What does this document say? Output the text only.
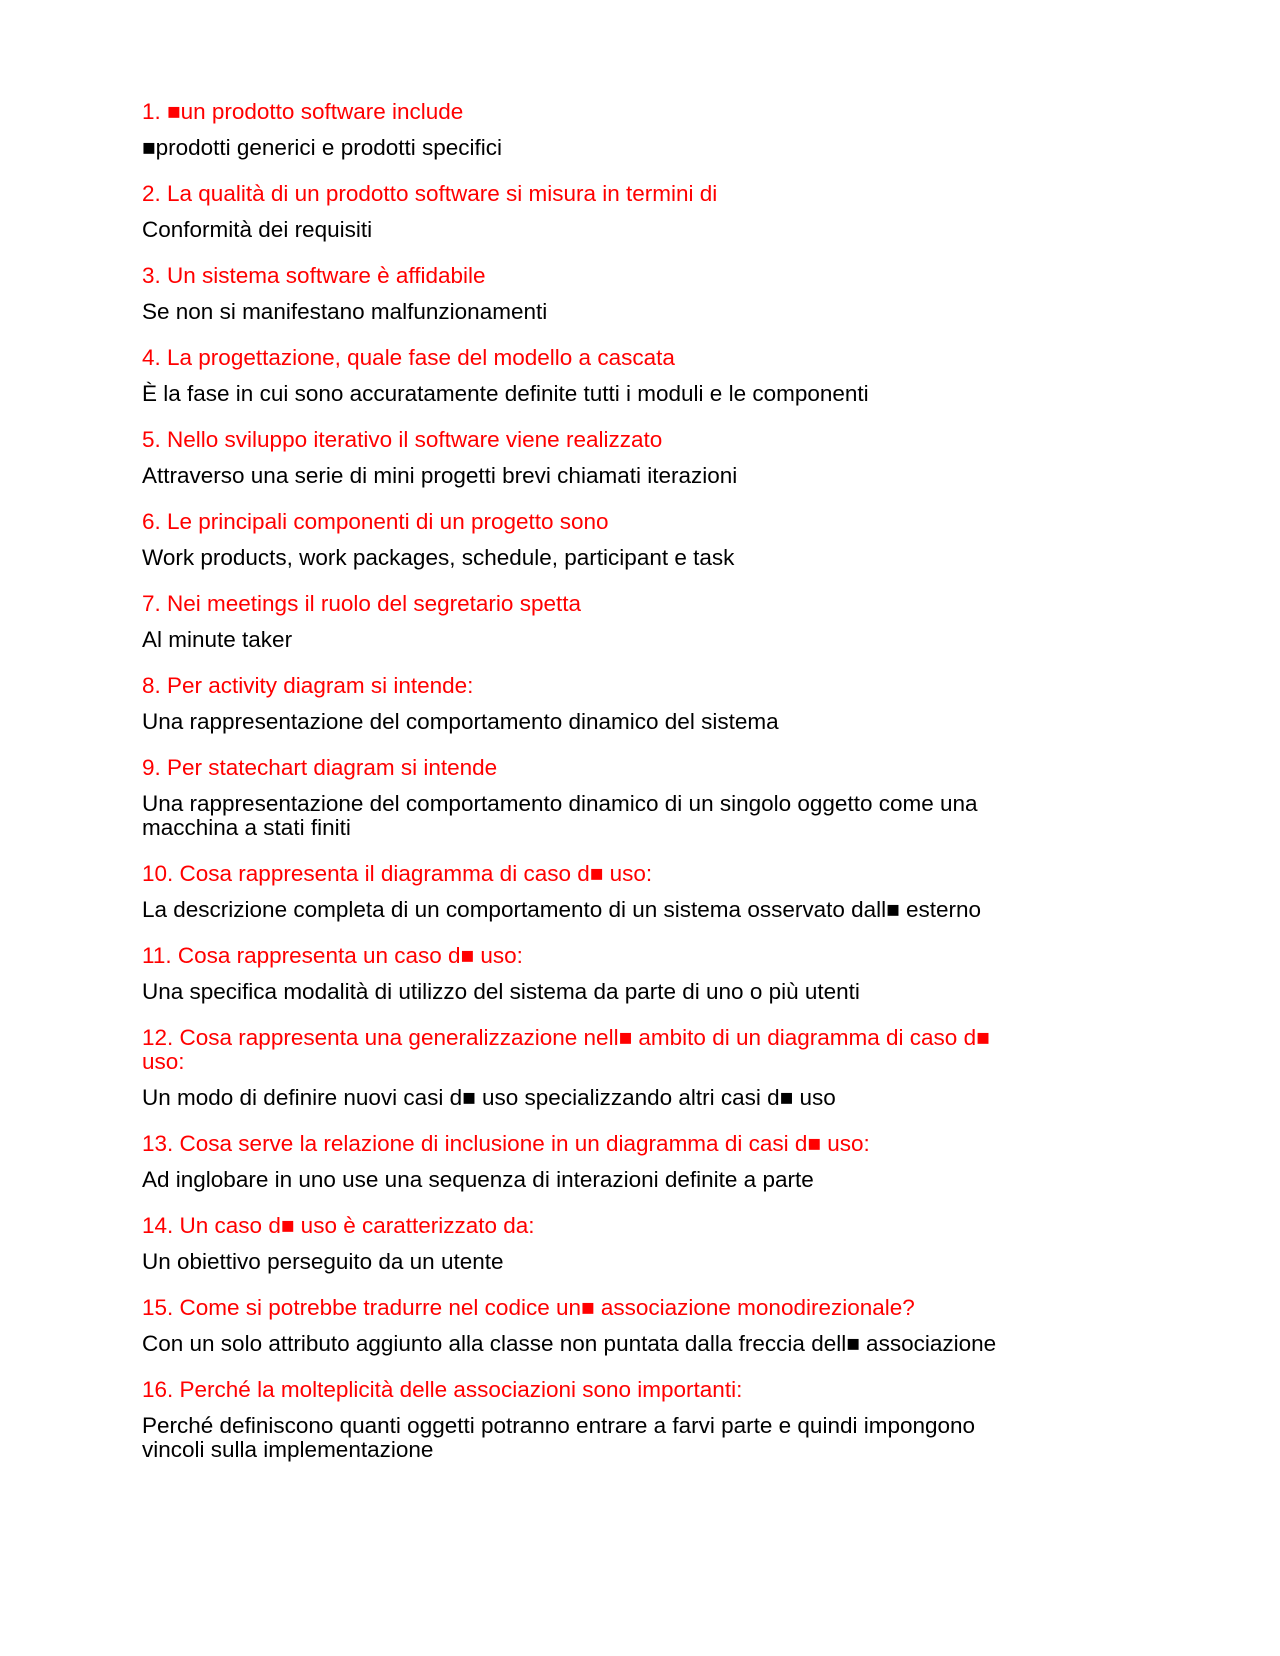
1. ■un prodotto software include

■prodotti generici e prodotti specifici

2. La qualità di un prodotto software si misura in termini di

Conformità dei requisiti

3. Un sistema software è affidabile

Se non si manifestano malfunzionamenti

4. La progettazione, quale fase del modello a cascata

È la fase in cui sono accuratamente definite tutti i moduli e le componenti

5. Nello sviluppo iterativo il software viene realizzato

Attraverso una serie di mini progetti brevi chiamati iterazioni

6. Le principali componenti di un progetto sono

Work products, work packages, schedule, participant e task

7. Nei meetings il ruolo del segretario spetta

Al minute taker

8. Per activity diagram si intende:

Una rappresentazione del comportamento dinamico del sistema

9. Per statechart diagram si intende

Una rappresentazione del comportamento dinamico di un singolo oggetto come una
macchina a stati finiti

10. Cosa rappresenta il diagramma di caso d■ uso:

La descrizione completa di un comportamento di un sistema osservato dall■ esterno

11. Cosa rappresenta un caso d■ uso:

Una specifica modalità di utilizzo del sistema da parte di uno o più utenti

12. Cosa rappresenta una generalizzazione nell■ ambito di un diagramma di caso d■
uso:

Un modo di definire nuovi casi d■ uso specializzando altri casi d■ uso

13. Cosa serve la relazione di inclusione in un diagramma di casi d■ uso:

Ad inglobare in uno use una sequenza di interazioni definite a parte

14. Un caso d■ uso è caratterizzato da:

Un obiettivo perseguito da un utente

15. Come si potrebbe tradurre nel codice un■ associazione monodirezionale?

Con un solo attributo aggiunto alla classe non puntata dalla freccia dell■ associazione

16. Perché la molteplicità delle associazioni sono importanti:

Perché definiscono quanti oggetti potranno entrare a farvi parte e quindi impongono
vincoli sulla implementazione
